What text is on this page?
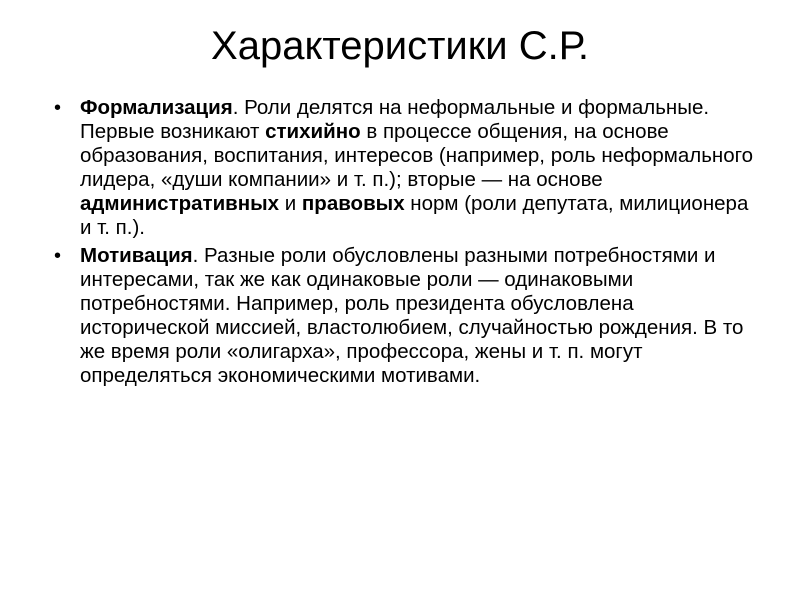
Характеристики С.Р.
• Формализация. Роли делятся на неформальные и формальные. Первые возникают стихийно в процессе общения, на основе образования, воспитания, интересов (например, роль неформального лидера, «души компании» и т. п.); вторые — на основе административных и правовых норм (роли депутата, милиционера и т. п.).
• Мотивация. Разные роли обусловлены разными потребностями и интересами, так же как одинаковые роли — одинаковыми потребностями. Например, роль президента обусловлена исторической миссией, властолюбием, случайностью рождения. В то же время роли «олигарха», профессора, жены и т. п. могут определяться экономическими мотивами.
